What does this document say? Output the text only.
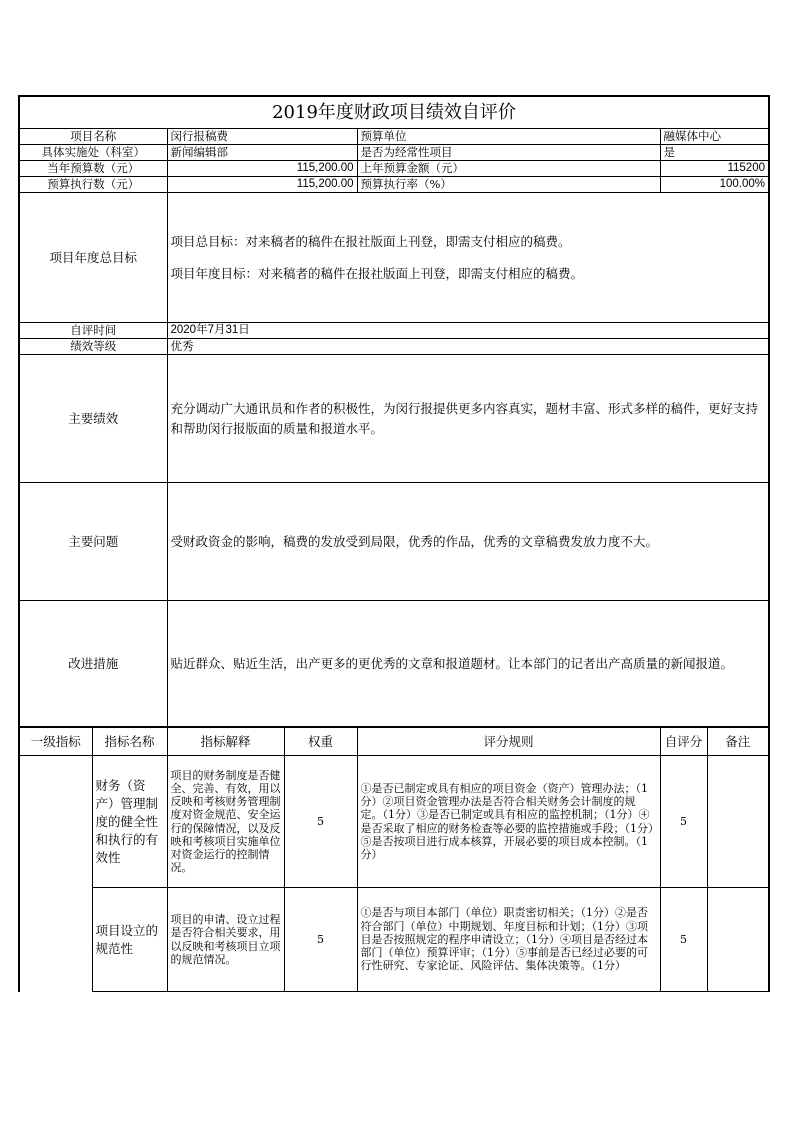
2019年度财政项目绩效自评价			
项目名称	闵行报稿费	预算单位	融媒体中心
具体实施处（科室）	新闻编辑部	是否为经常性项目	是
当年预算数（元）	115,200.00	上年预算金额（元）	115200
预算执行数（元）	115,200.00	预算执行率（%）	100.00%
项目年度总目标	项目总目标：对来稿者的稿件在报社版面上刊登，即需支付相应的稿费。
项目年度目标：对来稿者的稿件在报社版面上刊登，即需支付相应的稿费。		

自评时间	2020年7月31日		
绩效等级	优秀		
主要绩效	充分调动广大通讯员和作者的积极性，为闵行报提供更多内容真实，题材丰富、形式多样的稿件，更好支持和帮助闵行报版面的质量和报道水平。		
主要问题	受财政资金的影响，稿费的发放受到局限，优秀的作品，优秀的文章稿费发放力度不大。		
改进措施	贴近群众、贴近生活，出产更多的更优秀的文章和报道题材。让本部门的记者出产高质量的新闻报道。		
一级指标	指标名称	指标解释	权重	评分规则	自评分	备注
	财务（资产）管理制度的健全性和执行的有效性	项目的财务制度是否健全、完善、有效，用以反映和考核财务管理制度对资金规范、安全运行的保障情况，以及反映和考核项目实施单位对资金运行的控制情况。	5	①是否已制定或具有相应的项目资金（资产）管理办法；（1分）②项目资金管理办法是否符合相关财务会计制度的规定。（1分）③是否已制定或具有相应的监控机制；（1分）④是否采取了相应的财务检查等必要的监控措施或手段；（1分）⑤是否按项目进行成本核算，开展必要的项目成本控制。（1分）	5	
	项目设立的规范性	项目的申请、设立过程是否符合相关要求，用以反映和考核项目立项的规范情况。	5	①是否与项目本部门（单位）职责密切相关；（1分）②是否符合部门（单位）中期规划、年度目标和计划；（1分）③项目是否按照规定的程序申请设立；（1分）④项目是否经过本部门（单位）预算评审；（1分）⑤事前是否已经过必要的可行性研究、专家论证、风险评估、集体决策等。（1分）	5	
